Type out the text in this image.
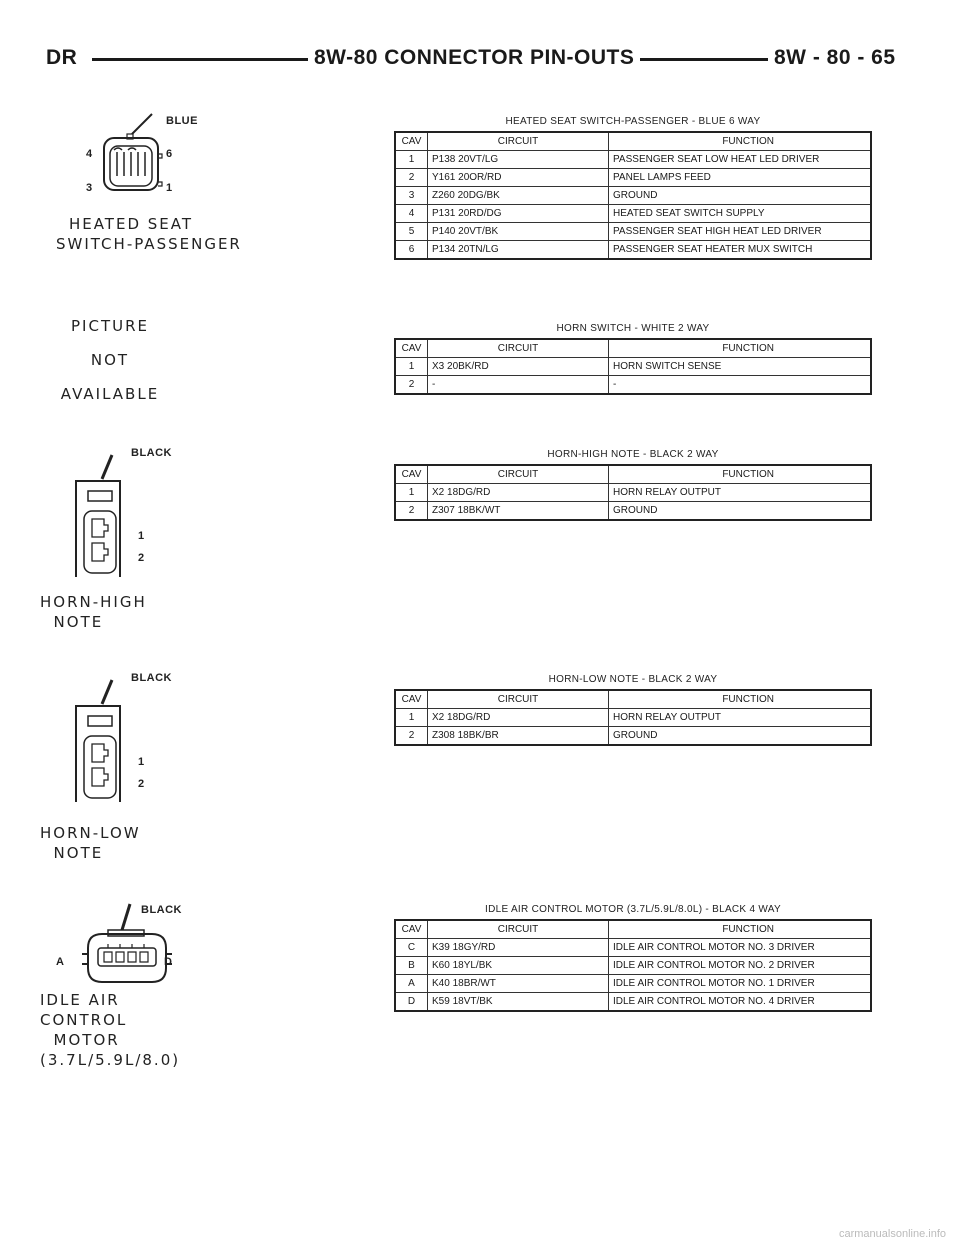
DR	8W-80 CONNECTOR PIN-OUTS	8W - 80 - 65
BLUE
4	6
3	1
HEATED SEAT
SWITCH-PASSENGER
PICTURE

NOT

AVAILABLE
BLACK
1
2
HORN-HIGH
NOTE
BLACK
1
2
HORN-LOW
NOTE
BLACK
A	D
IDLE AIR
CONTROL
MOTOR
(3.7L/5.9L/8.0)
HEATED SEAT SWITCH-PASSENGER - BLUE 6 WAY
CAV	CIRCUIT	FUNCTION
1	P138 20VT/LG	PASSENGER SEAT LOW HEAT LED DRIVER
2	Y161 20OR/RD	PANEL LAMPS FEED
3	Z260 20DG/BK	GROUND
4	P131 20RD/DG	HEATED SEAT SWITCH SUPPLY
5	P140 20VT/BK	PASSENGER SEAT HIGH HEAT LED DRIVER
6	P134 20TN/LG	PASSENGER SEAT HEATER MUX SWITCH
HORN SWITCH - WHITE 2 WAY
CAV	CIRCUIT	FUNCTION
1	X3 20BK/RD	HORN SWITCH SENSE
2	-	-
HORN-HIGH NOTE - BLACK 2 WAY
CAV	CIRCUIT	FUNCTION
1	X2 18DG/RD	HORN RELAY OUTPUT
2	Z307 18BK/WT	GROUND
HORN-LOW NOTE - BLACK 2 WAY
CAV	CIRCUIT	FUNCTION
1	X2 18DG/RD	HORN RELAY OUTPUT
2	Z308 18BK/BR	GROUND
IDLE AIR CONTROL MOTOR (3.7L/5.9L/8.0L) - BLACK 4 WAY
CAV	CIRCUIT	FUNCTION
C	K39 18GY/RD	IDLE AIR CONTROL MOTOR NO. 3 DRIVER
B	K60 18YL/BK	IDLE AIR CONTROL MOTOR NO. 2 DRIVER
A	K40 18BR/WT	IDLE AIR CONTROL MOTOR NO. 1 DRIVER
D	K59 18VT/BK	IDLE AIR CONTROL MOTOR NO. 4 DRIVER
carmanualsonline.info
